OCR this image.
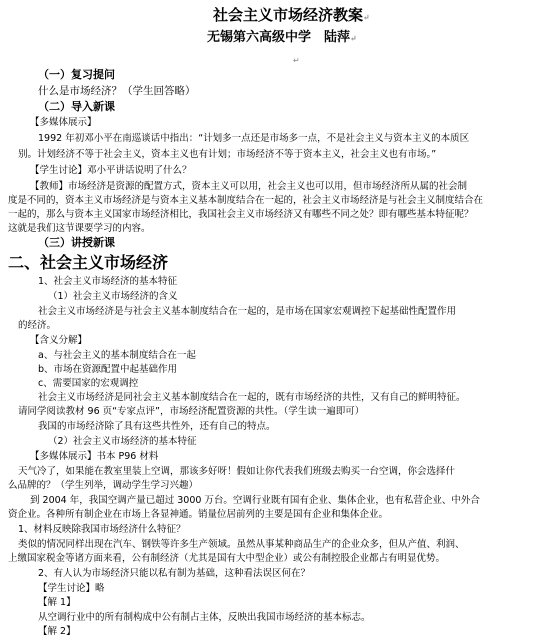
社会主义市场经济教案↵
无锡第六高级中学　陆萍↵
↵
（一）复习提问
什么是市场经济？（学生回答略）
（二）导入新课
【多媒体展示】
1992 年初邓小平在南巡谈话中指出：“计划多一点还是市场多一点，不是社会主义与资本主义的本质区
别。计划经济不等于社会主义，资本主义也有计划；市场经济不等于资本主义，社会主义也有市场。”
【学生讨论】邓小平讲话说明了什么？
【教师】市场经济是资源的配置方式，资本主义可以用，社会主义也可以用，但市场经济所从属的社会制
度是不同的，资本主义市场经济是与资本主义基本制度结合在一起的，社会主义市场经济是与社会主义制度结合在
一起的，那么与资本主义国家市场经济相比，我国社会主义市场经济又有哪些不同之处？即有哪些基本特征呢？
这就是我们这节课要学习的内容。
（三）讲授新课
二、社会主义市场经济
1、社会主义市场经济的基本特征
（1）社会主义市场经济的含义
社会主义市场经济是与社会主义基本制度结合在一起的，是市场在国家宏观调控下起基础性配置作用
的经济。
【含义分解】
a、与社会主义的基本制度结合在一起
b、市场在资源配置中起基础作用
c、需要国家的宏观调控
社会主义市场经济是同社会主义基本制度结合在一起的，既有市场经济的共性，又有自己的鲜明特征。
请同学阅读教材 96 页“专家点评”，市场经济配置资源的共性。（学生读一遍即可）
我国的市场经济除了具有这些共性外，还有自己的特点。
（2）社会主义市场经济的基本特征
【多媒体展示】书本 P96 材料
天气冷了，如果能在教室里装上空调，那该多好呀！假如让你代表我们班级去购买一台空调，你会选择什
么品牌的？（学生列举，调动学生学习兴趣）
到 2004 年，我国空调产量已超过 3000 万台。空调行业既有国有企业、集体企业，也有私营企业、中外合
资企业。各种所有制企业在市场上各显神通。销量位居前列的主要是国有企业和集体企业。
1、材料反映除我国市场经济什么特征？
类似的情况同样出现在汽车、钢铁等许多生产领域。虽然从事某种商品生产的企业众多，但从产值、利润、
上缴国家税金等诸方面来看，公有制经济（尤其是国有大中型企业）或公有制控股企业都占有明显优势。
2、有人认为市场经济只能以私有制为基础，这种看法误区何在？
【学生讨论】略
【解 1】
从空调行业中的所有制构成中公有制占主体，反映出我国市场经济的基本标志。
【解 2】
